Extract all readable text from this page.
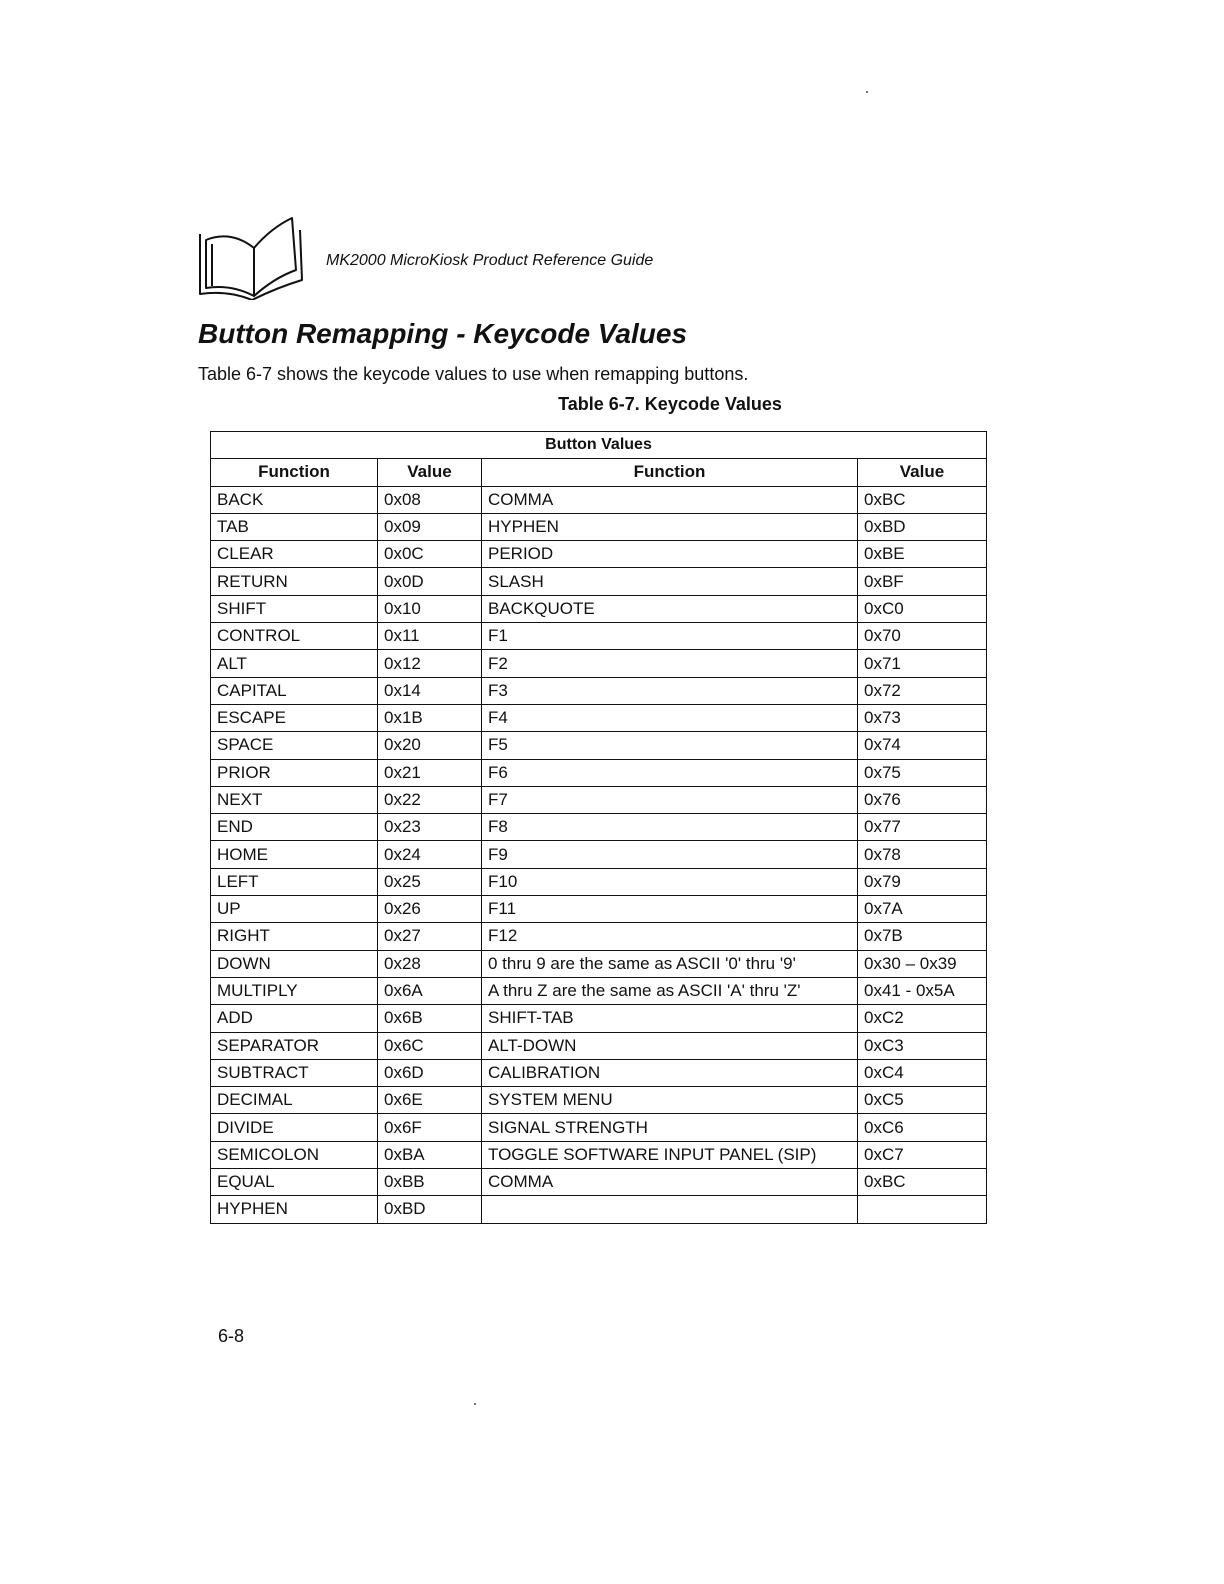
MK2000 MicroKiosk Product Reference Guide
Button Remapping - Keycode Values

Table 6-7 shows the keycode values to use when remapping buttons.

Table 6-7. Keycode Values
Button Values			
Function	Value	Function	Value
BACK	0x08	COMMA	0xBC
TAB	0x09	HYPHEN	0xBD
CLEAR	0x0C	PERIOD	0xBE
RETURN	0x0D	SLASH	0xBF
SHIFT	0x10	BACKQUOTE	0xC0
CONTROL	0x11	F1	0x70
ALT	0x12	F2	0x71
CAPITAL	0x14	F3	0x72
ESCAPE	0x1B	F4	0x73
SPACE	0x20	F5	0x74
PRIOR	0x21	F6	0x75
NEXT	0x22	F7	0x76
END	0x23	F8	0x77
HOME	0x24	F9	0x78
LEFT	0x25	F10	0x79
UP	0x26	F11	0x7A
RIGHT	0x27	F12	0x7B
DOWN	0x28	0 thru 9 are the same as ASCII '0' thru '9'	0x30 – 0x39
MULTIPLY	0x6A	A thru Z are the same as ASCII 'A' thru 'Z'	0x41 - 0x5A
ADD	0x6B	SHIFT-TAB	0xC2
SEPARATOR	0x6C	ALT-DOWN	0xC3
SUBTRACT	0x6D	CALIBRATION	0xC4
DECIMAL	0x6E	SYSTEM MENU	0xC5
DIVIDE	0x6F	SIGNAL STRENGTH	0xC6
SEMICOLON	0xBA	TOGGLE SOFTWARE INPUT PANEL (SIP)	0xC7
EQUAL	0xBB	COMMA	0xBC
HYPHEN	0xBD		
6-8
